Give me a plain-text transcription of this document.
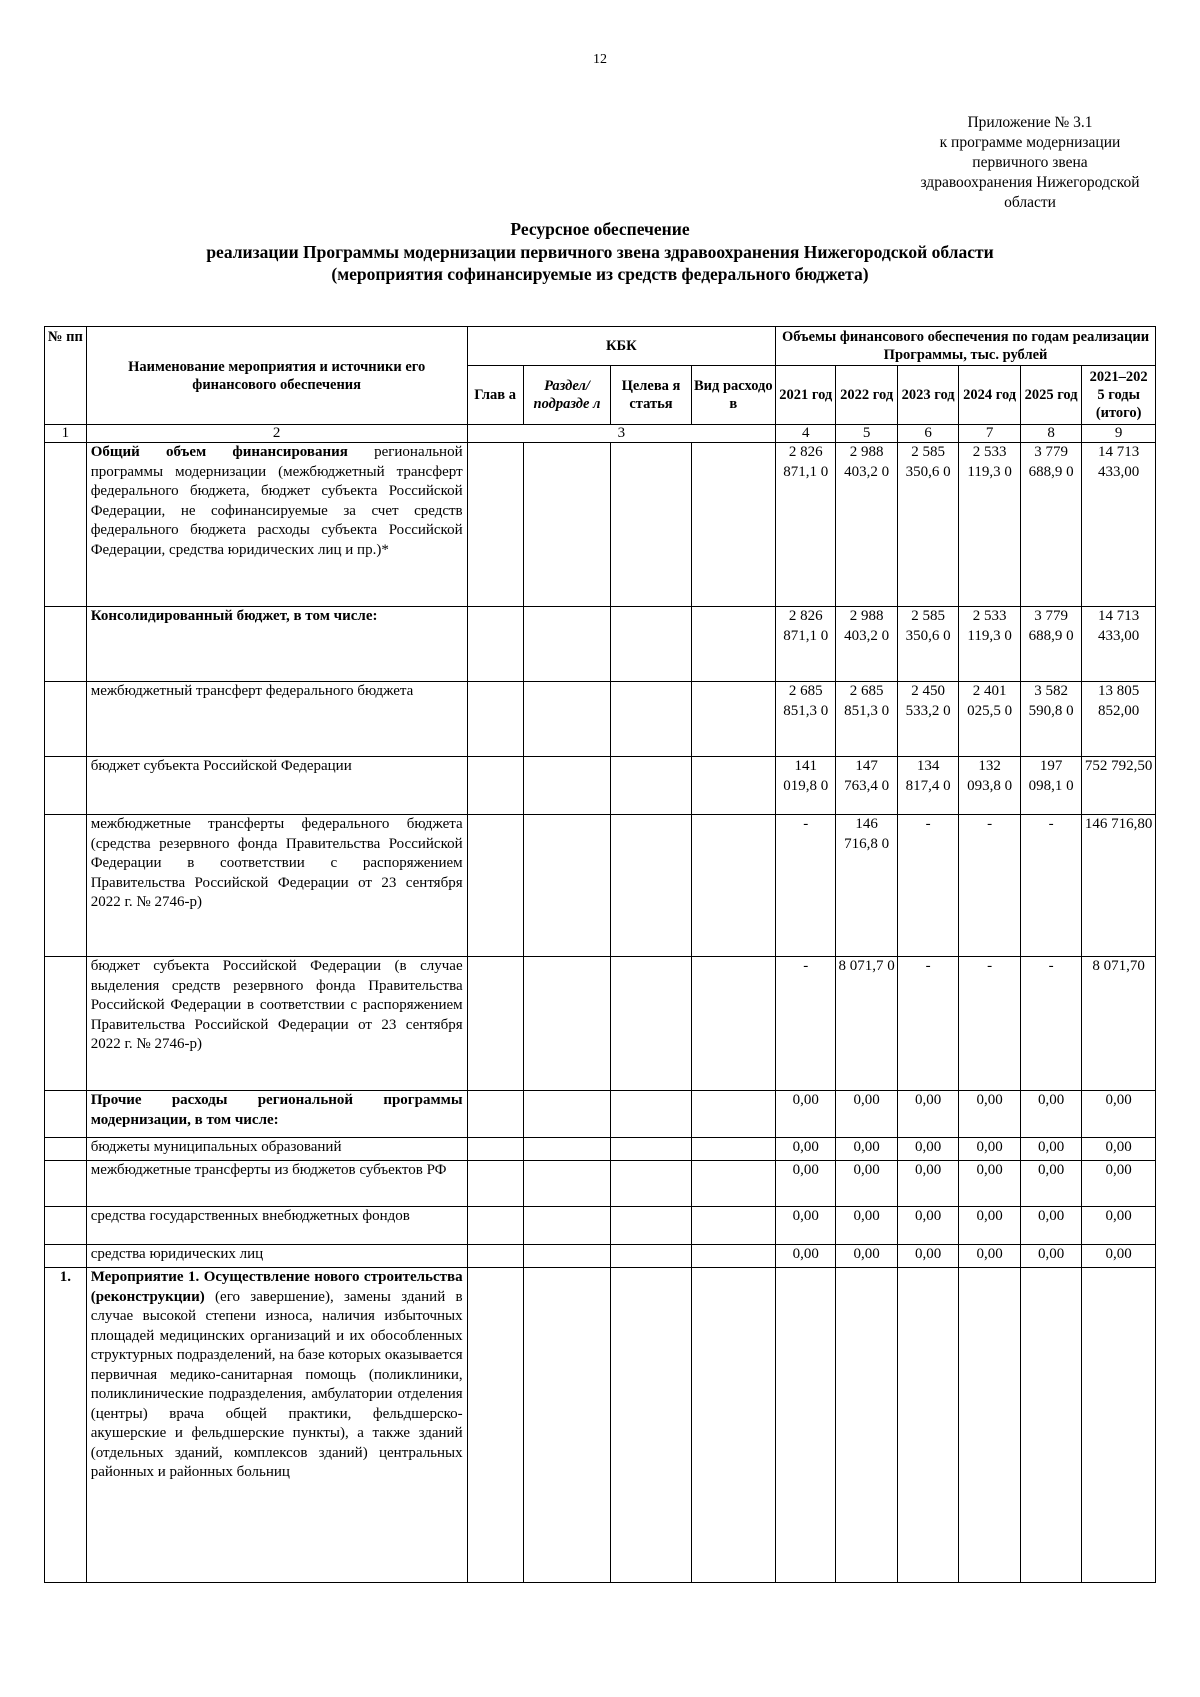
12
Приложение № 3.1
к программе модернизации
первичного звена
здравоохранения Нижегородской
области
Ресурсное обеспечение
реализации Программы модернизации первичного звена здравоохранения Нижегородской области
(мероприятия софинансируемые из средств федерального бюджета)
№ пп	Наименование мероприятия и источники его финансового обеспечения	КБК				Объемы финансового обеспечения по годам реализации Программы, тыс. рублей					
		Глав а	Раздел/ подразде л	Целева я статья	Вид расходо в	2021 год	2022 год	2023 год	2024 год	2025 год	2021–202 5 годы (итого)
1	2	3				4	5	6	7	8	9
	Общий объем финансирования региональной программы модернизации (межбюджетный трансферт федерального бюджета, бюджет субъекта Российской Федерации, не софинансируемые за счет средств федерального бюджета расходы субъекта Российской Федерации, средства юридических лиц и пр.)*					2 826 871,1 0	2 988 403,2 0	2 585 350,6 0	2 533 119,3 0	3 779 688,9 0	14 713 433,00
	Консолидированный бюджет, в том числе:					2 826 871,1 0	2 988 403,2 0	2 585 350,6 0	2 533 119,3 0	3 779 688,9 0	14 713 433,00
	межбюджетный трансферт федерального бюджета					2 685 851,3 0	2 685 851,3 0	2 450 533,2 0	2 401 025,5 0	3 582 590,8 0	13 805 852,00
	бюджет субъекта Российской Федерации					141 019,8 0	147 763,4 0	134 817,4 0	132 093,8 0	197 098,1 0	752 792,50
	межбюджетные трансферты федерального бюджета (средства резервного фонда Правительства Российской Федерации в соответствии с распоряжением Правительства Российской Федерации от 23 сентября 2022 г. № 2746-р)					-	146 716,8 0	-	-	-	146 716,80
	бюджет субъекта Российской Федерации (в случае выделения средств резервного фонда Правительства Российской Федерации в соответствии с распоряжением Правительства Российской Федерации от 23 сентября 2022 г. № 2746-р)					-	8 071,7 0	-	-	-	8 071,70
	Прочие расходы региональной программы модернизации, в том числе:					0,00	0,00	0,00	0,00	0,00	0,00
	бюджеты муниципальных образований					0,00	0,00	0,00	0,00	0,00	0,00
	межбюджетные трансферты из бюджетов субъектов РФ					0,00	0,00	0,00	0,00	0,00	0,00
	средства государственных внебюджетных фондов					0,00	0,00	0,00	0,00	0,00	0,00
	средства юридических лиц					0,00	0,00	0,00	0,00	0,00	0,00
1.	Мероприятие 1. Осуществление нового строительства (реконструкции) (его завершение), замены зданий в случае высокой степени износа, наличия избыточных площадей медицинских организаций и их обособленных структурных подразделений, на базе которых оказывается первичная медико-санитарная помощь (поликлиники, поликлинические подразделения, амбулатории отделения (центры) врача общей практики, фельдшерско-акушерские и фельдшерские пункты), а также зданий (отдельных зданий, комплексов зданий) центральных районных и районных больниц										
